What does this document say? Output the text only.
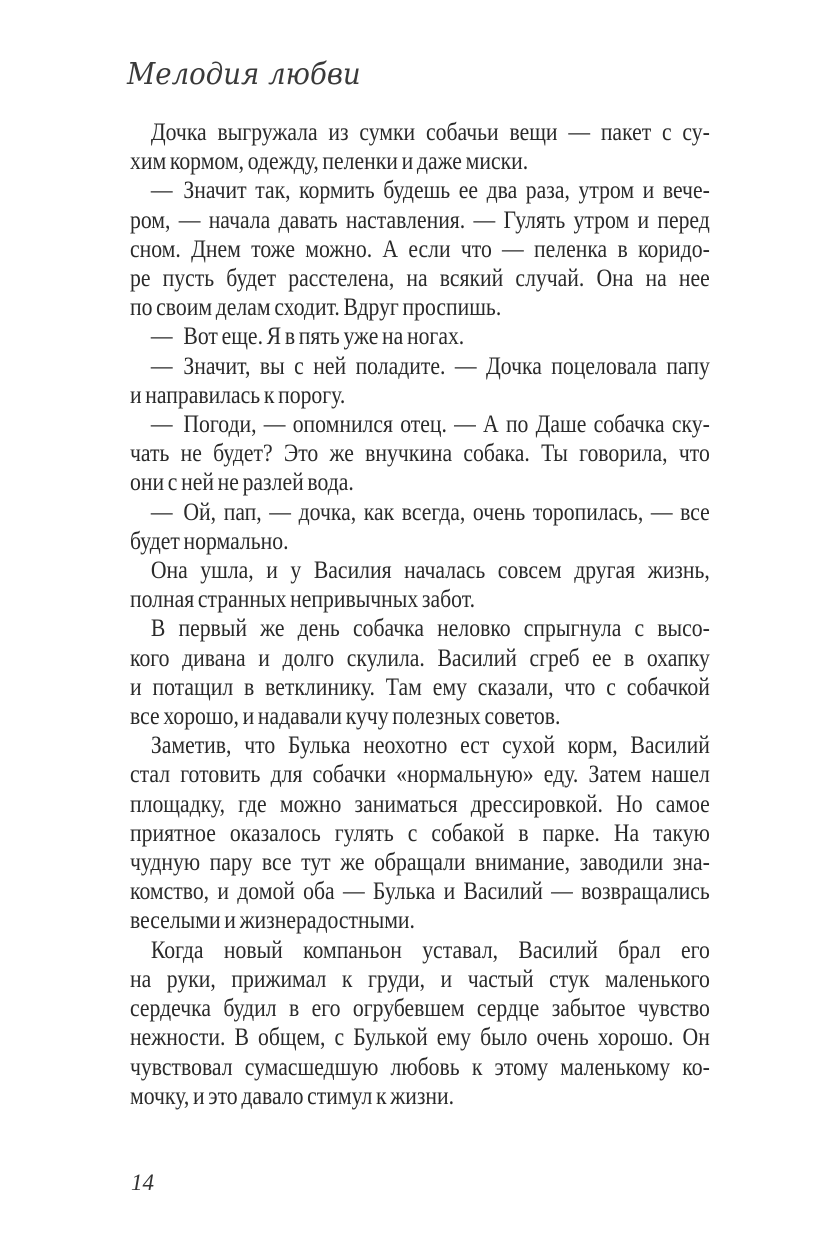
Мелодия любви
Дочка выгружала из сумки собачьи вещи — пакет с су-
хим кормом, одежду, пеленки и даже миски.
— Значит так, кормить будешь ее два раза, утром и вече-
ром, — начала давать наставления. — Гулять утром и перед
сном. Днем тоже можно. А если что — пеленка в коридо-
ре пусть будет расстелена, на всякий случай. Она на нее
по своим делам сходит. Вдруг проспишь.
— Вот еще. Я в пять уже на ногах.
— Значит, вы с ней поладите. — Дочка поцеловала папу
и направилась к порогу.
— Погоди, — опомнился отец. — А по Даше собачка ску-
чать не будет? Это же внучкина собака. Ты говорила, что
они с ней не разлей вода.
— Ой, пап, — дочка, как всегда, очень торопилась, — все
будет нормально.
Она ушла, и у Василия началась совсем другая жизнь,
полная странных непривычных забот.
В первый же день собачка неловко спрыгнула с высо-
кого дивана и долго скулила. Василий сгреб ее в охапку
и потащил в ветклинику. Там ему сказали, что с собачкой
все хорошо, и надавали кучу полезных советов.
Заметив, что Булька неохотно ест сухой корм, Василий
стал готовить для собачки «нормальную» еду. Затем нашел
площадку, где можно заниматься дрессировкой. Но самое
приятное оказалось гулять с собакой в парке. На такую
чудную пару все тут же обращали внимание, заводили зна-
комство, и домой оба — Булька и Василий — возвращались
веселыми и жизнерадостными.
Когда новый компаньон уставал, Василий брал его
на руки, прижимал к груди, и частый стук маленького
сердечка будил в его огрубевшем сердце забытое чувство
нежности. В общем, с Булькой ему было очень хорошо. Он
чувствовал сумасшедшую любовь к этому маленькому ко-
мочку, и это давало стимул к жизни.
14
